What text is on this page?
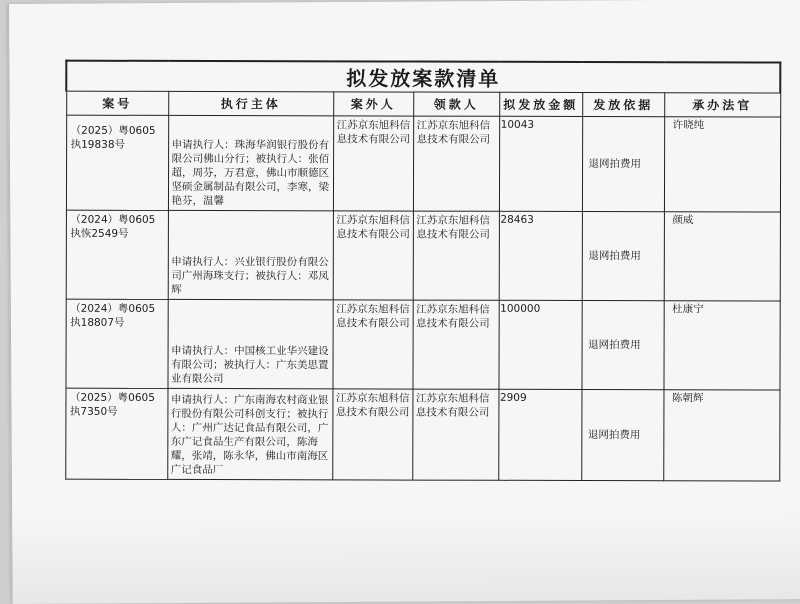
拟发放案款清单						
案号	执行主体	案外人	领款人	拟发放金额	发放依据	承办法官
（2025）粤0605执19838号	申请执行人：珠海华润银行股份有限公司佛山分行；被执行人：张佰超，周芬，万君意，佛山市顺德区坚硕金属制品有限公司，李寒，梁艳芬，温馨	江苏京东旭科信息技术有限公司	江苏京东旭科信息技术有限公司	10043	退网拍费用	许晓纯
（2024）粤0605执恢2549号	申请执行人：兴业银行股份有限公司广州海珠支行；被执行人：邓凤辉	江苏京东旭科信息技术有限公司	江苏京东旭科信息技术有限公司	28463	退网拍费用	颜威
（2024）粤0605执18807号	申请执行人：中国核工业华兴建设有限公司；被执行人：广东美思置业有限公司	江苏京东旭科信息技术有限公司	江苏京东旭科信息技术有限公司	100000	退网拍费用	杜康宁
（2025）粤0605执7350号	申请执行人：广东南海农村商业银行股份有限公司科创支行；被执行人：广州广达记食品有限公司，广东广记食品生产有限公司，陈海耀，张靖，陈永华，佛山市南海区广记食品厂	江苏京东旭科信息技术有限公司	江苏京东旭科信息技术有限公司	2909	退网拍费用	陈朝辉
